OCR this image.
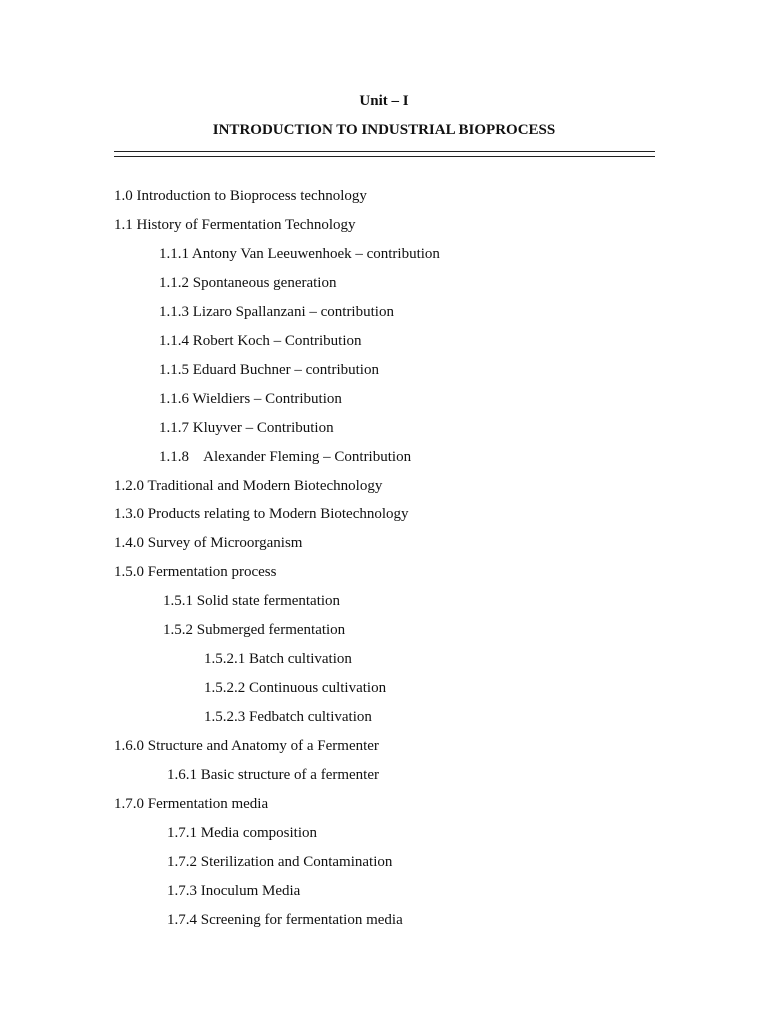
Unit – I
INTRODUCTION TO INDUSTRIAL BIOPROCESS
1.0 Introduction to Bioprocess technology
1.1 History of Fermentation Technology
1.1.1 Antony Van Leeuwenhoek – contribution
1.1.2 Spontaneous generation
1.1.3 Lizaro Spallanzani – contribution
1.1.4 Robert Koch – Contribution
1.1.5 Eduard Buchner – contribution
1.1.6 Wieldiers – Contribution
1.1.7 Kluyver – Contribution
1.1.8    Alexander Fleming – Contribution
1.2.0 Traditional and Modern Biotechnology
1.3.0 Products relating to Modern Biotechnology
1.4.0 Survey of Microorganism
1.5.0 Fermentation process
1.5.1 Solid state fermentation
1.5.2 Submerged fermentation
1.5.2.1 Batch cultivation
1.5.2.2 Continuous cultivation
1.5.2.3 Fedbatch cultivation
1.6.0 Structure and Anatomy of a Fermenter
1.6.1 Basic structure of a fermenter
1.7.0 Fermentation media
1.7.1 Media composition
1.7.2 Sterilization and Contamination
1.7.3 Inoculum Media
1.7.4 Screening for fermentation media
